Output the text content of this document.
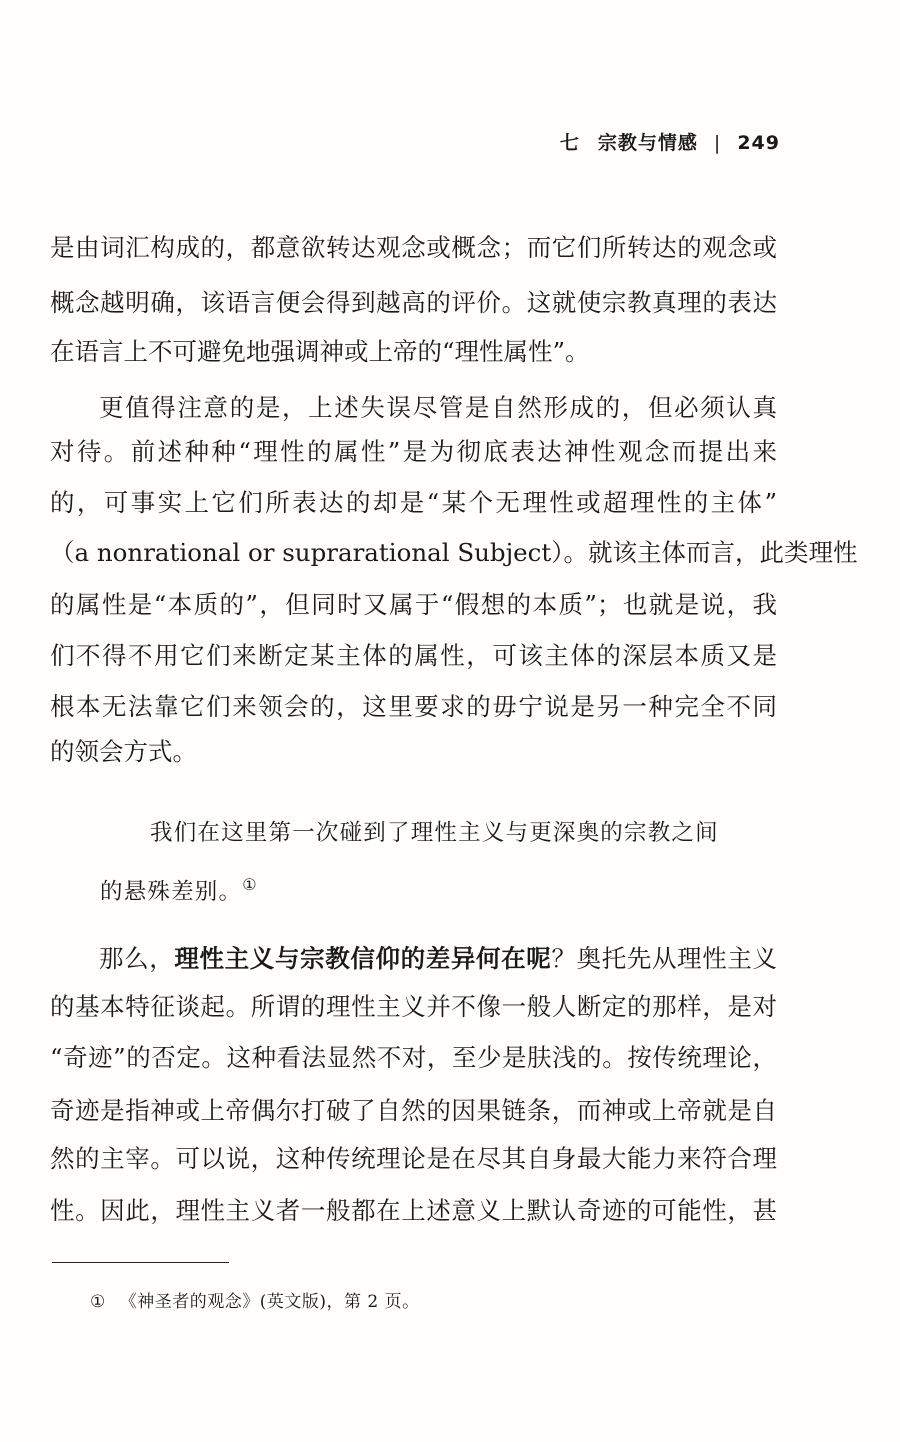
七 宗教与情感 | 249
是由词汇构成的，都意欲转达观念或概念；而它们所转达的观念或
概念越明确，该语言便会得到越高的评价。这就使宗教真理的表达
在语言上不可避免地强调神或上帝的“理性属性”。
更值得注意的是，上述失误尽管是自然形成的，但必须认真
对待。前述种种“理性的属性”是为彻底表达神性观念而提出来
的，可事实上它们所表达的却是“某个无理性或超理性的主体”
（a nonrational or suprarational Subject）。就该主体而言，此类理性
的属性是“本质的”，但同时又属于“假想的本质”；也就是说，我
们不得不用它们来断定某主体的属性，可该主体的深层本质又是
根本无法靠它们来领会的，这里要求的毋宁说是另一种完全不同
的领会方式。
我们在这里第一次碰到了理性主义与更深奥的宗教之间
的悬殊差别。①
那么，理性主义与宗教信仰的差异何在呢？奥托先从理性主义
的基本特征谈起。所谓的理性主义并不像一般人断定的那样，是对
“奇迹”的否定。这种看法显然不对，至少是肤浅的。按传统理论，
奇迹是指神或上帝偶尔打破了自然的因果链条，而神或上帝就是自
然的主宰。可以说，这种传统理论是在尽其自身最大能力来符合理
性。因此，理性主义者一般都在上述意义上默认奇迹的可能性，甚
① 《神圣者的观念》(英文版)，第 2 页。
